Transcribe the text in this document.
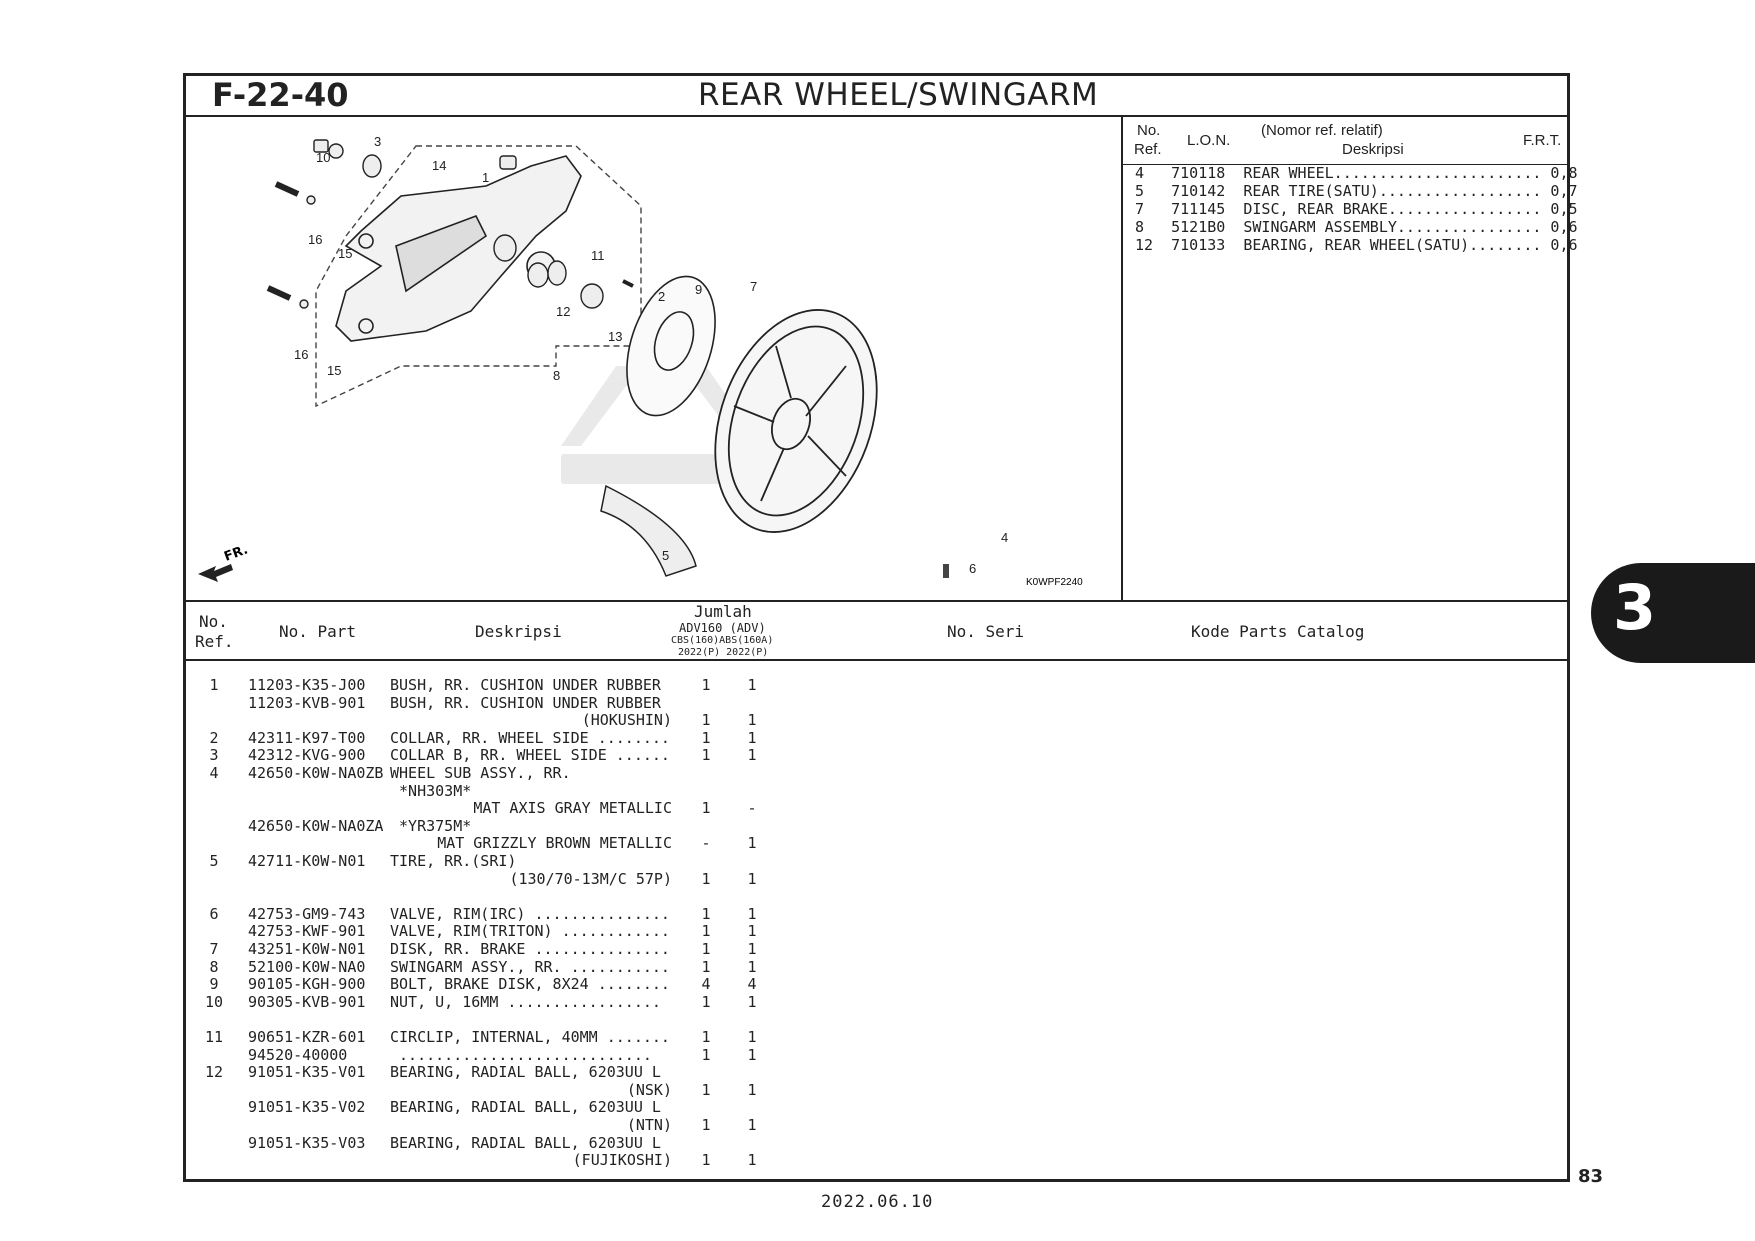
F-22-40	REAR WHEEL/SWINGARM
No.
Ref.
L.O.N.
(Nomor ref. relatif)
Deskripsi
F.R.T.
4   710118  REAR WHEEL....................... 0,8
5   710142  REAR TIRE(SATU).................. 0,7
7   711145  DISC, REAR BRAKE................. 0,5
8   5121B0  SWINGARM ASSEMBLY................ 0,6
12  710133  BEARING, REAR WHEEL(SATU)........ 0,6
FR.
1
2
3
4
5
6
7
8
9
10
11
12
13
14
15
16
15
16
K0WPF2240
No.
Ref.
No. Part	Deskripsi
Jumlah
ADV160 (ADV)
CBS(160)ABS(160A)
2022(P) 2022(P)
No. Seri	Kode Parts Catalog
1	11203-K35-J00 BUSH, RR. CUSHION UNDER RUBBER	1	1
11203-KVB-901 BUSH, RR. CUSHION UNDER RUBBER
(HOKUSHIN)	1	1
2	42311-K97-T00 COLLAR, RR. WHEEL SIDE ........	1	1
3	42312-KVG-900 COLLAR B, RR. WHEEL SIDE ......	1	1
4	42650-K0W-NA0ZB WHEEL SUB ASSY., RR.
*NH303M*
MAT AXIS GRAY METALLIC	1	-
42650-K0W-NA0ZA *YR375M*
MAT GRIZZLY BROWN METALLIC	-	1
5	42711-K0W-N01 TIRE, RR.(SRI)
(130/70-13M/C 57P)	1	1
6	42753-GM9-743 VALVE, RIM(IRC) ...............	1	1
42753-KWF-901 VALVE, RIM(TRITON) ............	1	1
7	43251-K0W-N01 DISK, RR. BRAKE ...............	1	1
8	52100-K0W-NA0 SWINGARM ASSY., RR. ...........	1	1
9	90105-KGH-900 BOLT, BRAKE DISK, 8X24 ........	4	4
10	90305-KVB-901 NUT, U, 16MM .................	1	1
11	90651-KZR-601 CIRCLIP, INTERNAL, 40MM .......	1	1
94520-40000	............................	1	1
12	91051-K35-V01 BEARING, RADIAL BALL, 6203UU L
(NSK)	1	1
91051-K35-V02 BEARING, RADIAL BALL, 6203UU L
(NTN)	1	1
91051-K35-V03 BEARING, RADIAL BALL, 6203UU L
(FUJIKOSHI)	1	1
3
83
2022.06.10
